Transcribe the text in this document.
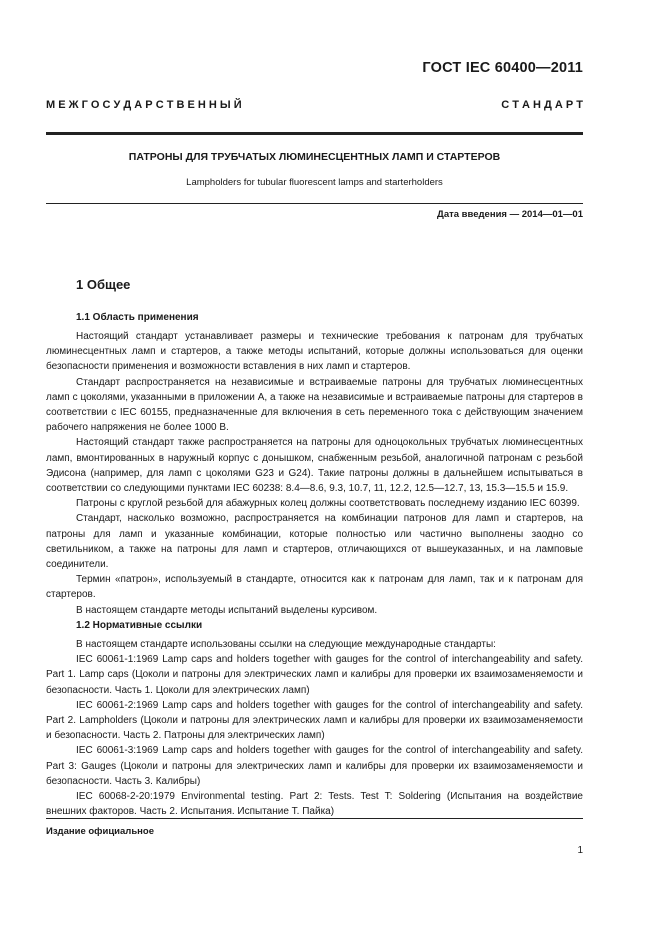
ГОСТ IEC 60400—2011
М Е Ж Г О С У Д А Р С Т В Е Н Н Ы Й	С Т А Н Д А Р Т
ПАТРОНЫ ДЛЯ ТРУБЧАТЫХ ЛЮМИНЕСЦЕНТНЫХ ЛАМП И СТАРТЕРОВ
Lampholders for tubular fluorescent lamps and starterholders
Дата введения — 2014—01—01
1 Общее
1.1 Область применения

Настоящий стандарт устанавливает размеры и технические требования к патронам для трубчатых люминесцентных ламп и стартеров, а также методы испытаний, которые должны использоваться для оценки безопасности применения и возможности вставления в них ламп и стартеров.

Стандарт распространяется на независимые и встраиваемые патроны для трубчатых люминесцентных ламп с цоколями, указанными в приложении А, а также на независимые и встраиваемые патроны для стартеров в соответствии с IEC 60155, предназначенные для включения в сеть переменного тока с действующим значением рабочего напряжения не более 1000 В.

Настоящий стандарт также распространяется на патроны для одноцокольных трубчатых люминесцентных ламп, вмонтированных в наружный корпус с донышком, снабженным резьбой, аналогичной патронам с резьбой Эдисона (например, для ламп с цоколями G23 и G24). Такие патроны должны в дальнейшем испытываться в соответствии со следующими пунктами IEC 60238: 8.4—8.6, 9.3, 10.7, 11, 12.2, 12.5—12.7, 13, 15.3—15.5 и 15.9.

Патроны с круглой резьбой для абажурных колец должны соответствовать последнему изданию IEC 60399.

Стандарт, насколько возможно, распространяется на комбинации патронов для ламп и стартеров, на патроны для ламп и указанные комбинации, которые полностью или частично выполнены заодно со светильником, а также на патроны для ламп и стартеров, отличающихся от вышеуказанных, и на ламповые соединители.

Термин «патрон», используемый в стандарте, относится как к патронам для ламп, так и к патронам для стартеров.

В настоящем стандарте методы испытаний выделены курсивом.

1.2 Нормативные ссылки

В настоящем стандарте использованы ссылки на следующие международные стандарты:

IEC 60061-1:1969 Lamp caps and holders together with gauges for the control of interchangeability and safety. Part 1. Lamp caps (Цоколи и патроны для электрических ламп и калибры для проверки их взаимозаменяемости и безопасности. Часть 1. Цоколи для электрических ламп)

IEC 60061-2:1969 Lamp caps and holders together with gauges for the control of interchangeability and safety. Part 2. Lampholders (Цоколи и патроны для электрических ламп и калибры для проверки их взаимозаменяемости и безопасности. Часть 2. Патроны для электрических ламп)

IEC 60061-3:1969 Lamp caps and holders together with gauges for the control of interchangeability and safety. Part 3: Gauges (Цоколи и патроны для электрических ламп и калибры для проверки их взаимозаменяемости и безопасности. Часть 3. Калибры)

IEC 60068-2-20:1979 Environmental testing. Part 2: Tests. Test T: Soldering (Испытания на воздействие внешних факторов. Часть 2. Испытания. Испытание Т. Пайка)

Издание официальное
1
